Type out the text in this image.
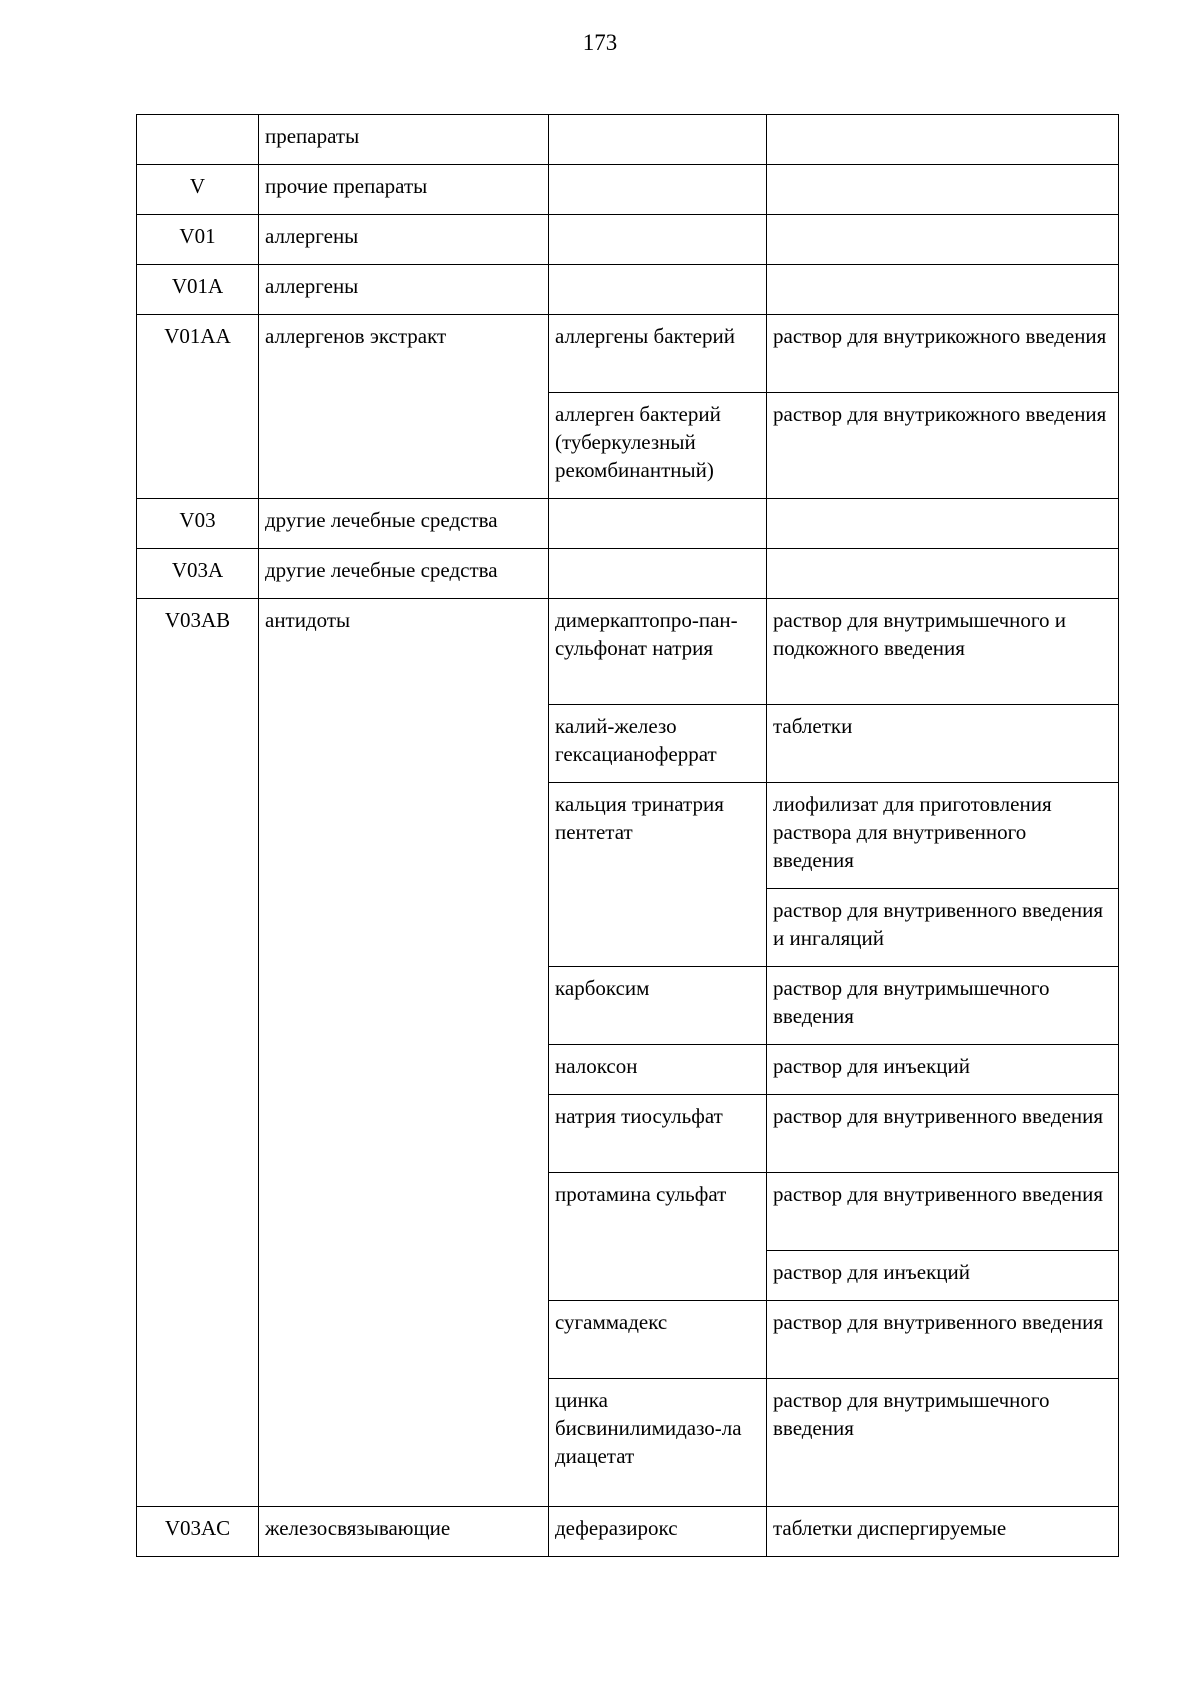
173
	препараты		
V	прочие препараты		
V01	аллергены		
V01A	аллергены		
V01AA	аллергенов экстракт	аллергены бактерий	раствор для внутрикожного введения
		аллерген бактерий (туберкулезный рекомбинантный)	раствор для внутрикожного введения
V03	другие лечебные средства		
V03A	другие лечебные средства		
V03AB	антидоты	димеркаптопро-пан-сульфонат натрия	раствор для внутримышечного и подкожного введения
		калий-железо гексацианоферрат	таблетки
		кальция тринатрия пентетат	лиофилизат для приготовления раствора для внутривенного введения
			раствор для внутривенного введения и ингаляций
		карбоксим	раствор для внутримышечного введения
		налоксон	раствор для инъекций
		натрия тиосульфат	раствор для внутривенного введения
		протамина сульфат	раствор для внутривенного введения
			раствор для инъекций
		сугаммадекс	раствор для внутривенного введения
		цинка бисвинилимидазо-ла диацетат	раствор для внутримышечного введения
V03AC	железосвязывающие	деферазирокс	таблетки диспергируемые
